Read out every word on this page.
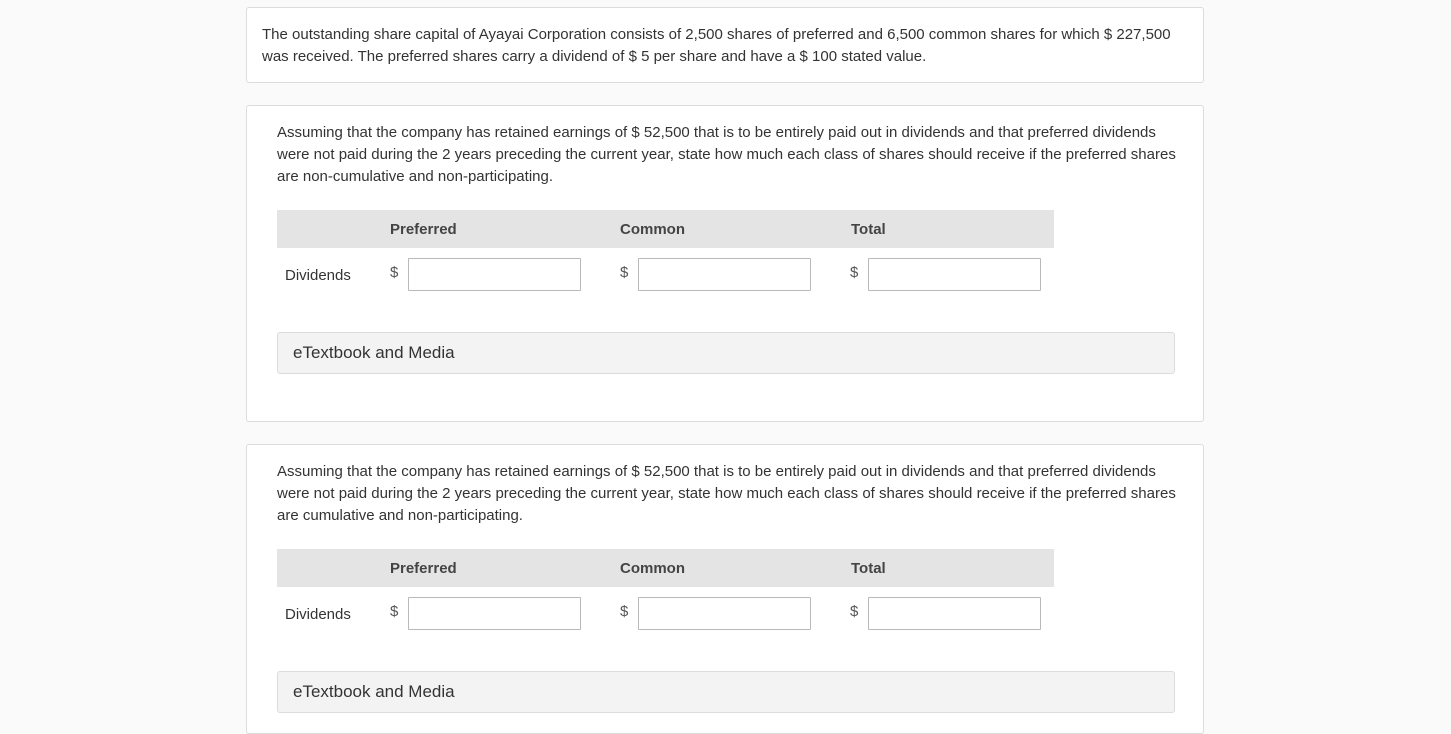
The outstanding share capital of Ayayai Corporation consists of 2,500 shares of preferred and 6,500 common shares for which $ 227,500 was received. The preferred shares carry a dividend of $ 5 per share and have a $ 100 stated value.
Assuming that the company has retained earnings of $ 52,500 that is to be entirely paid out in dividends and that preferred dividends were not paid during the 2 years preceding the current year, state how much each class of shares should receive if the preferred shares are non-cumulative and non-participating.
Preferred	Common	Total
Dividends	$	$	$
eTextbook and Media
Assuming that the company has retained earnings of $ 52,500 that is to be entirely paid out in dividends and that preferred dividends were not paid during the 2 years preceding the current year, state how much each class of shares should receive if the preferred shares are cumulative and non-participating.
Preferred	Common	Total
Dividends	$	$	$
eTextbook and Media
